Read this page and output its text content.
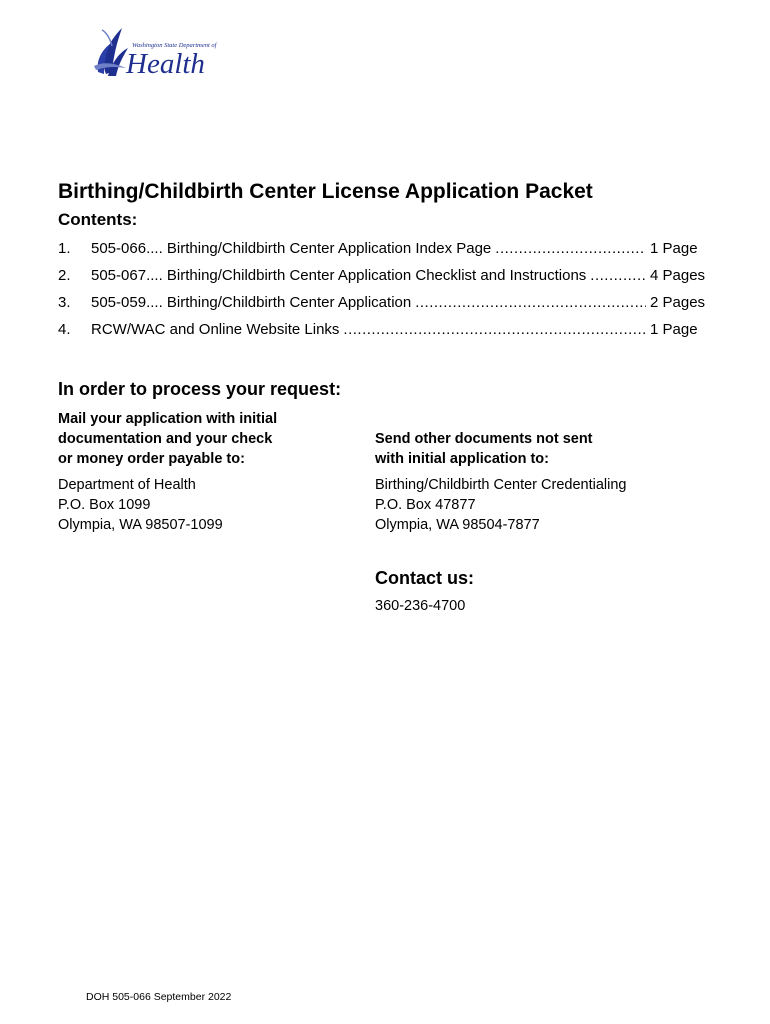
Washington State Department of
Health
Birthing/Childbirth Center License Application Packet
Contents:
1.	505-066 .... Birthing/Childbirth Center Application Index Page .....	1 Page
2.	505-067 .... Birthing/Childbirth Center Application Checklist and Instructions .....	4 Pages
3.	505-059 .... Birthing/Childbirth Center Application .....	2 Pages
4.	RCW/WAC and Online Website Links .....	1 Page
In order to process your request:
Mail your application with initial
documentation and your check
or money order payable to:
Send other documents not sent
with initial application to:
Department of Health
P.O. Box 1099
Olympia, WA 98507-1099
Birthing/Childbirth Center Credentialing
P.O. Box 47877
Olympia, WA 98504-7877
Contact us:

360-236-4700

DOH 505-066 September 2022
